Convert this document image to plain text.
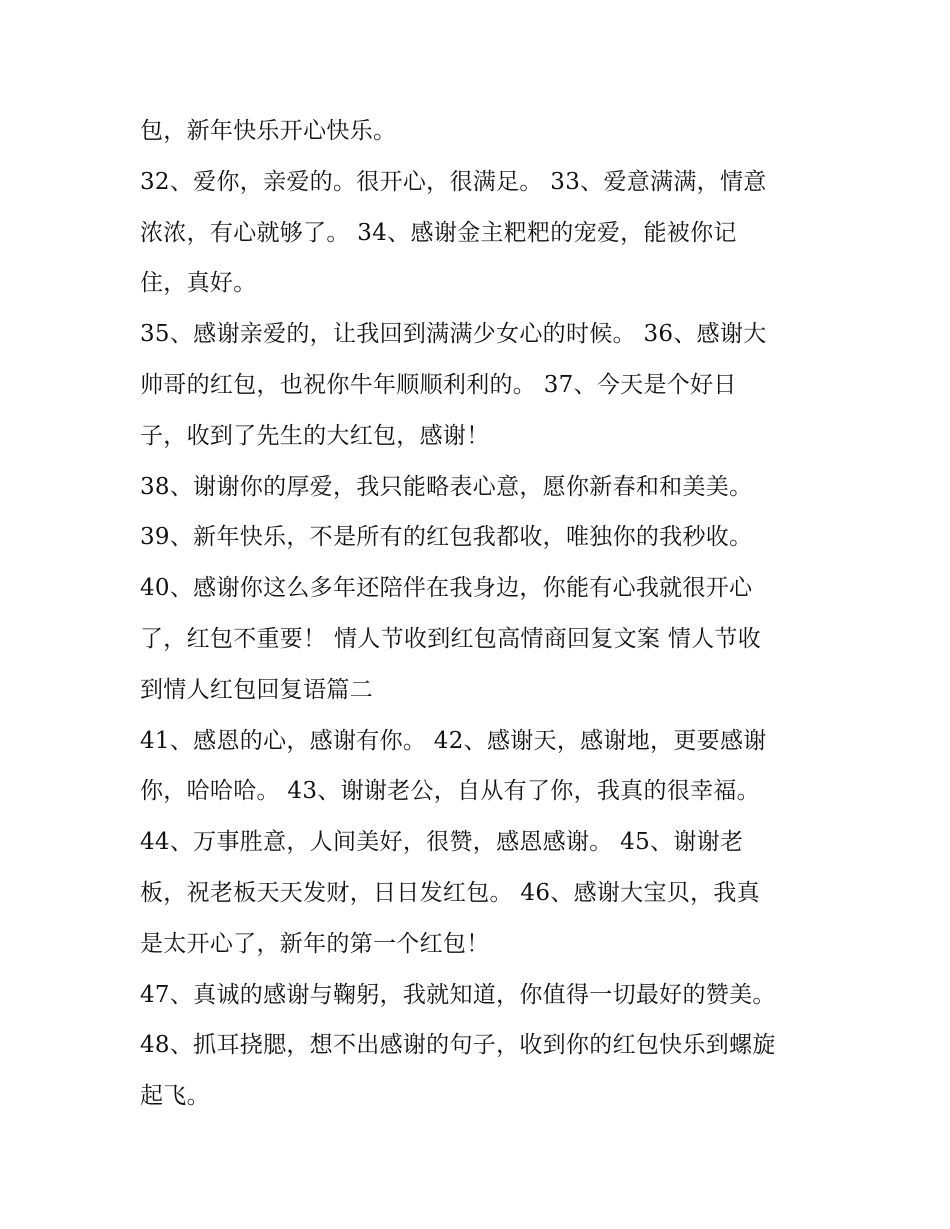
包，新年快乐开心快乐。
32、爱你，亲爱的。很开心，很满足。 33、爱意满满，情意
浓浓，有心就够了。 34、感谢金主粑粑的宠爱，能被你记
住，真好。
35、感谢亲爱的，让我回到满满少女心的时候。 36、感谢大
帅哥的红包，也祝你牛年顺顺利利的。 37、今天是个好日
子，收到了先生的大红包，感谢！
38、谢谢你的厚爱，我只能略表心意，愿你新春和和美美。
39、新年快乐，不是所有的红包我都收，唯独你的我秒收。
40、感谢你这么多年还陪伴在我身边，你能有心我就很开心
了，红包不重要！ 情人节收到红包高情商回复文案 情人节收
到情人红包回复语篇二
41、感恩的心，感谢有你。 42、感谢天，感谢地，更要感谢
你，哈哈哈。 43、谢谢老公，自从有了你，我真的很幸福。
44、万事胜意，人间美好，很赞，感恩感谢。 45、谢谢老
板，祝老板天天发财，日日发红包。 46、感谢大宝贝，我真
是太开心了，新年的第一个红包！
47、真诚的感谢与鞠躬，我就知道，你值得一切最好的赞美。
48、抓耳挠腮，想不出感谢的句子，收到你的红包快乐到螺旋
起飞。
